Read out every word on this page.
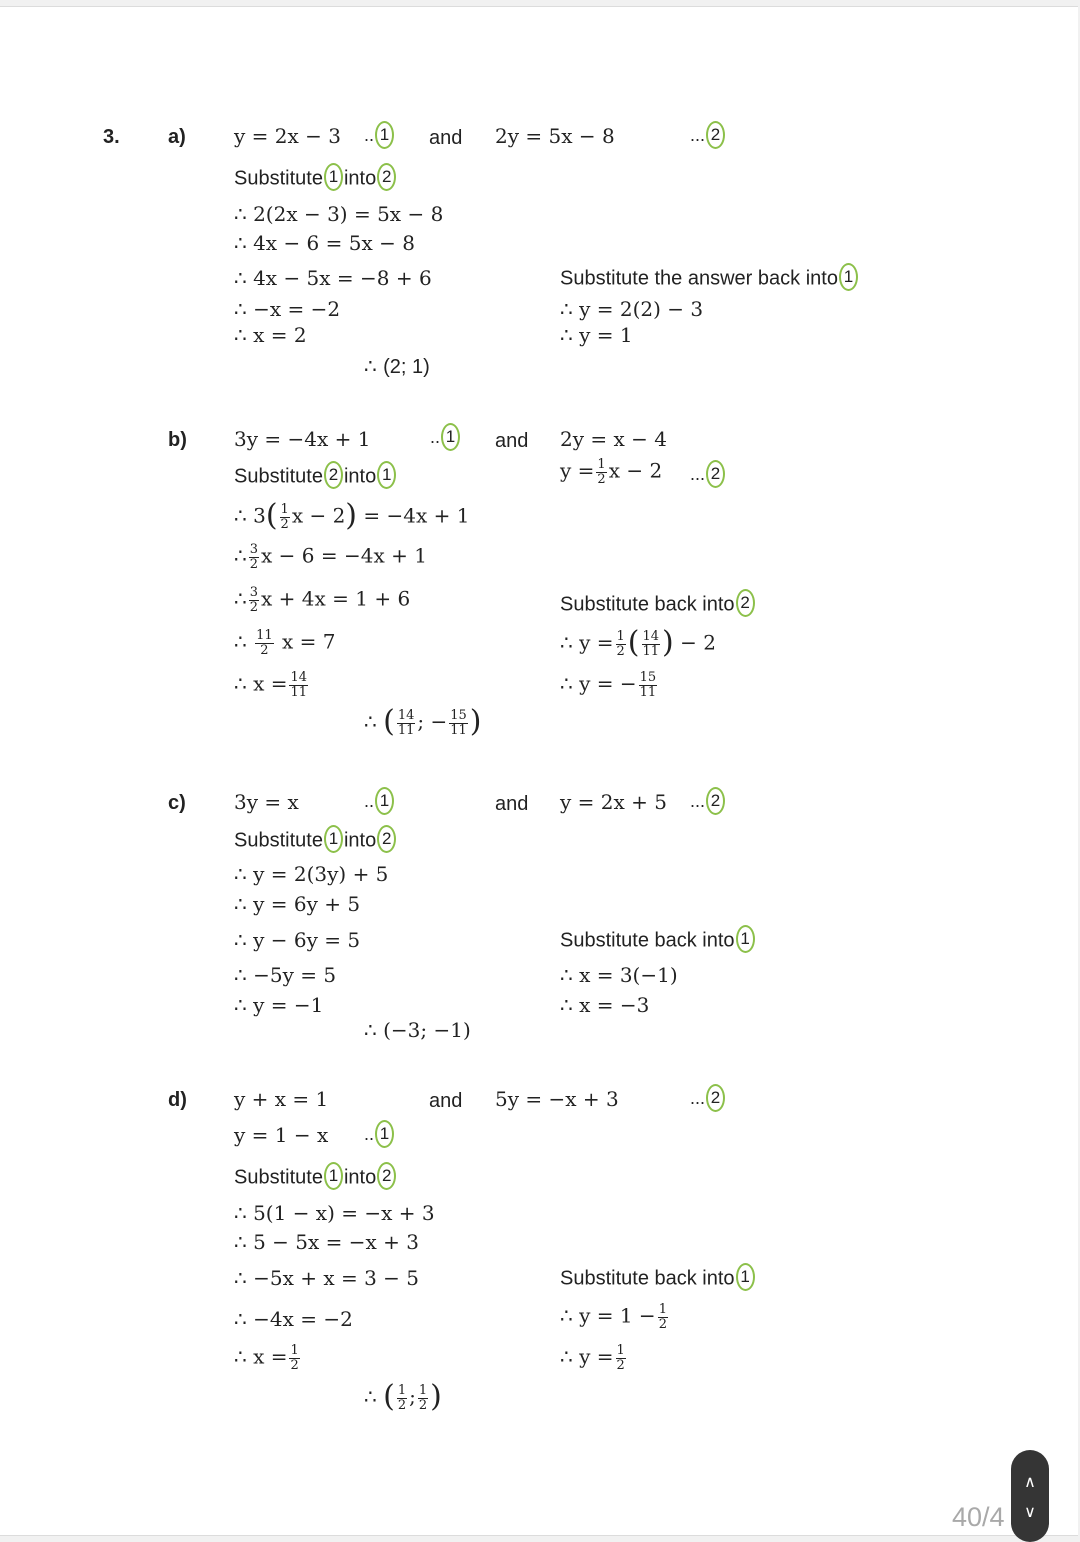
3. a) y = 2x − 3 .. 1 and 2y = 5x − 8	... 2
Substitute 1 into 2
∴ 2(2x − 3) = 5x − 8
∴ 4x − 6 = 5x − 8
∴ 4x − 5x = −8 + 6
∴ −x = −2
∴ x = 2
Substitute the answer back into 1
∴ y = 2(2) − 3
∴ y = 1
∴ (2; 1)
b) 3y = −4x + 1	.. 1 and 2y = x − 4
$y = \frac{1}{2}$ x − 2 ... 2
Substitute 2 into 1
∴ $3( \frac{1}{2}$ x − 2) = −4x + 1
∴ $\frac{3}{2}$ x − 6 = −4x + 1
∴ $\frac{3}{2}$ x + 4x = 1 + 6
∴ $\frac{11}{2}$ x = 7
∴ $x = \frac{14}{11}$
Substitute back into 2
∴ $y = \frac{1}{2}$ ( $\frac{14}{11}$ ) − 2
∴ y = − $\frac{15}{11}$
∴ ( $\frac{14}{11}$ ; − $\frac{15}{11}$ )
c) 3y = x	.. 1	and y = 2x + 5 ... 2
Substitute 1 into 2
∴ y = 2(3y) + 5
∴ y = 6y + 5
∴ y − 6y = 5
∴ −5y = 5
∴ y = −1
Substitute back into 1
∴ x = 3(−1)
∴ x = −3
∴ (−3; −1)
d) y + x = 1	and 5y = −x + 3	... 2
y = 1 − x .. 1
Substitute 1 into 2
∴ 5(1 − x) = −x + 3
∴ 5 − 5x = −x + 3
∴ −5x + x = 3 − 5
∴ −4x = −2
∴ $x = \frac{1}{2}$
Substitute back into 1
∴ $y = 1 - \frac{1}{2}$
∴ $y = \frac{1}{2}$
∴ ( $\frac{1}{2}$ ; $\frac{1}{2}$ )
40/4
∧
∨
